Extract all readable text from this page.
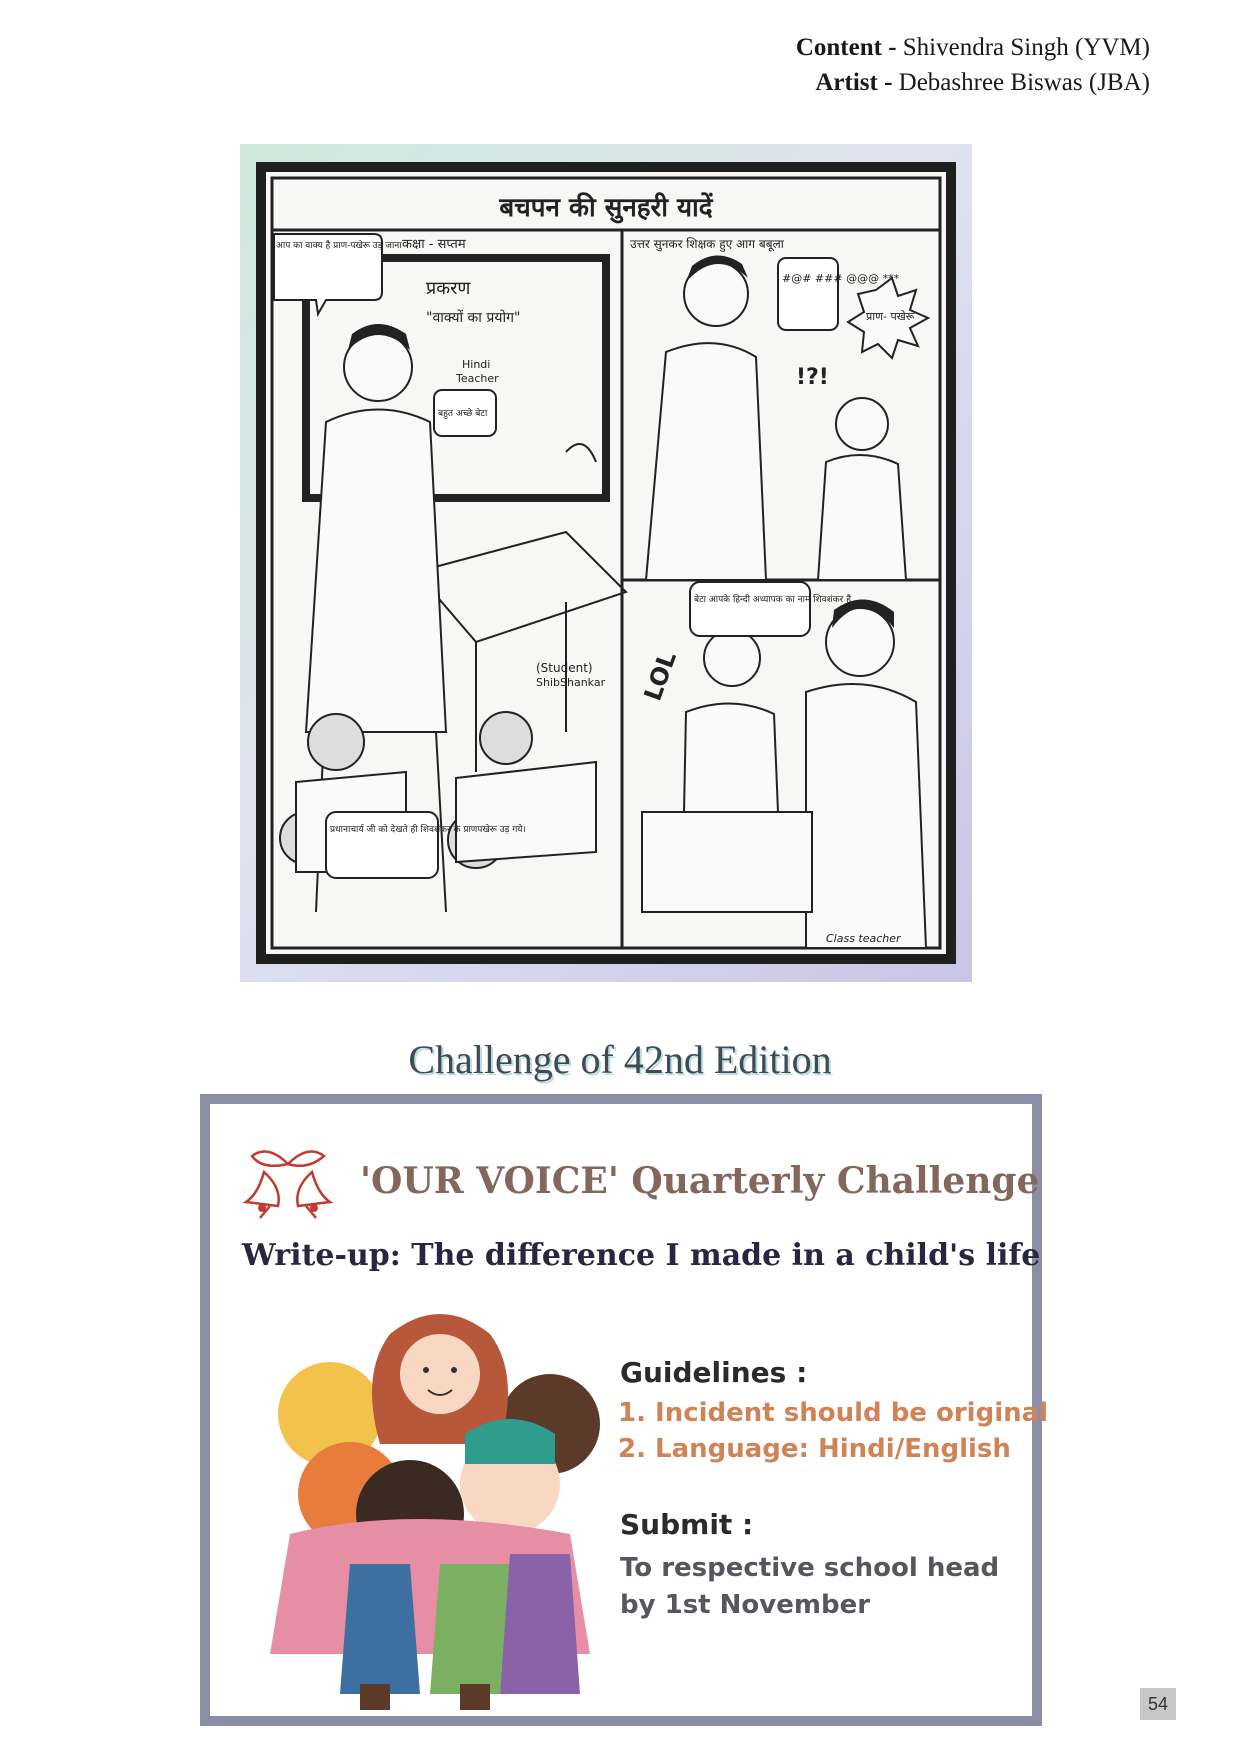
Content - Shivendra Singh (YVM)
Artist - Debashree Biswas (JBA)
बचपन की सुनहरी यादें
कक्षा - सप्तम
आप का वाक्य है प्राण-पखेरू उड़ जाना
प्रकरण
"वाक्यों का प्रयोग"
Hindi
Teacher
बहुत अच्छे बेटा
(Student)
ShibShankar
प्रधानाचार्य जी को देखते ही शिवशंकर के प्राणपखेरू उड़ गये।
उत्तर सुनकर शिक्षक हुए आग बबूला
#@# ### @@@ ***
प्राण- पखेरू
!?!
बेटा आपके हिन्दी अध्यापक का नाम शिवशंकर है
LOL
Class teacher
Challenge of 42nd Edition
'OUR VOICE' Quarterly Challenge
Write-up: The difference I made in a child's life
Guidelines :
1. Incident should be original
2. Language: Hindi/English
Submit :
To respective school head by 1st November
54
